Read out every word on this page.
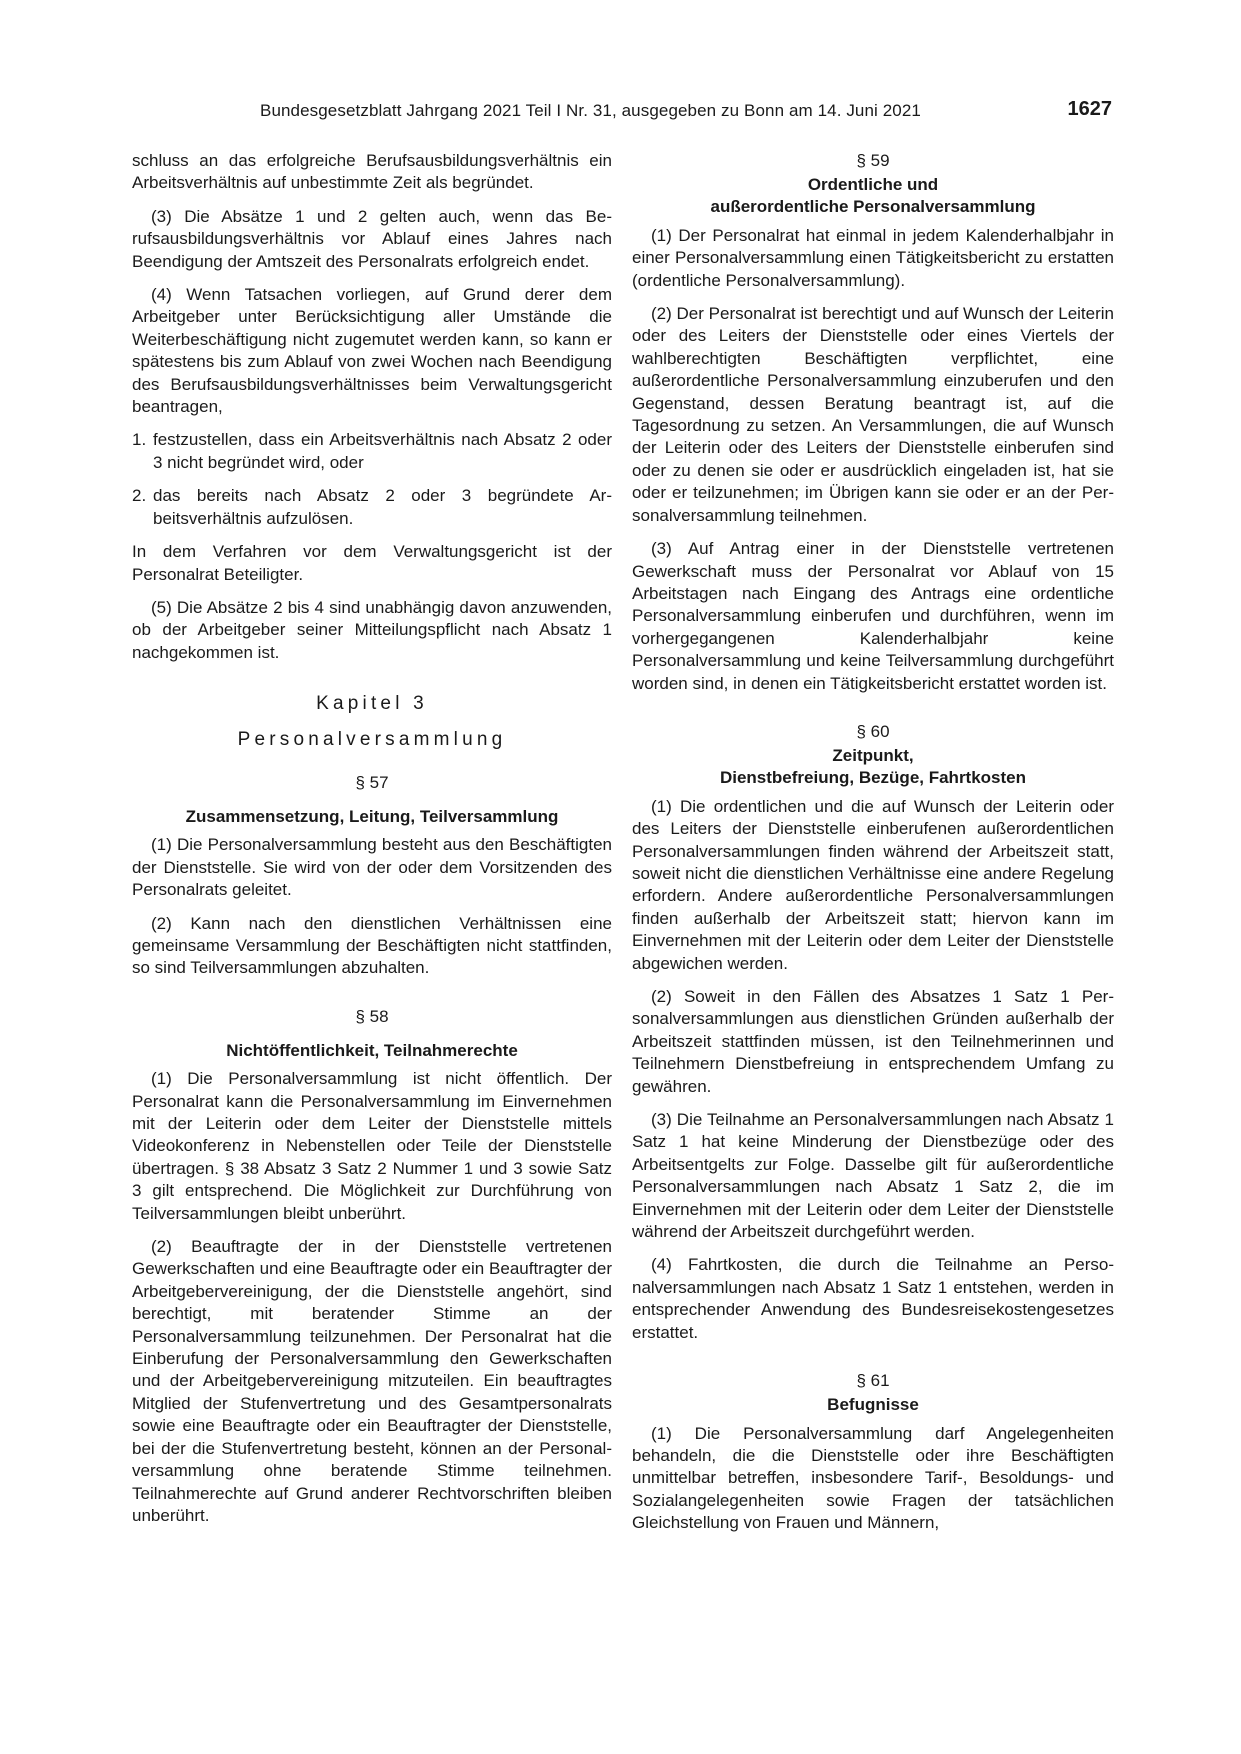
Bundesgesetzblatt Jahrgang 2021 Teil I Nr. 31, ausgegeben zu Bonn am 14. Juni 2021	1627

schluss an das erfolgreiche Berufsausbildungsverhältnis ein Arbeitsverhältnis auf unbestimmte Zeit als begründet.

(3) Die Absätze 1 und 2 gelten auch, wenn das Berufsausbildungsverhältnis vor Ablauf eines Jahres nach Beendigung der Amtszeit des Personalrats erfolgreich endet.

(4) Wenn Tatsachen vorliegen, auf Grund derer dem Arbeitgeber unter Berücksichtigung aller Umstände die Weiterbeschäftigung nicht zugemutet werden kann, so kann er spätestens bis zum Ablauf von zwei Wochen nach Beendigung des Berufsausbildungsverhältnisses beim Verwaltungsgericht beantragen,

1. festzustellen, dass ein Arbeitsverhältnis nach Absatz 2 oder 3 nicht begründet wird, oder
2. das bereits nach Absatz 2 oder 3 begründete Arbeitsverhältnis aufzulösen.

In dem Verfahren vor dem Verwaltungsgericht ist der Personalrat Beteiligter.

(5) Die Absätze 2 bis 4 sind unabhängig davon anzuwenden, ob der Arbeitgeber seiner Mitteilungspflicht nach Absatz 1 nachgekommen ist.

Kapitel 3

Personalversammlung

§ 57

Zusammensetzung, Leitung, Teilversammlung

(1) Die Personalversammlung besteht aus den Beschäftigten der Dienststelle. Sie wird von der oder dem Vorsitzenden des Personalrats geleitet.

(2) Kann nach den dienstlichen Verhältnissen eine gemeinsame Versammlung der Beschäftigten nicht stattfinden, so sind Teilversammlungen abzuhalten.

§ 58

Nichtöffentlichkeit, Teilnahmerechte

(1) Die Personalversammlung ist nicht öffentlich. Der Personalrat kann die Personalversammlung im Einvernehmen mit der Leiterin oder dem Leiter der Dienststelle mittels Videokonferenz in Nebenstellen oder Teile der Dienststelle übertragen. § 38 Absatz 3 Satz 2 Nummer 1 und 3 sowie Satz 3 gilt entsprechend. Die Möglichkeit zur Durchführung von Teilversammlungen bleibt unberührt.

(2) Beauftragte der in der Dienststelle vertretenen Gewerkschaften und eine Beauftragte oder ein Beauftragter der Arbeitgebervereinigung, der die Dienststelle angehört, sind berechtigt, mit beratender Stimme an der Personalversammlung teilzunehmen. Der Personalrat hat die Einberufung der Personalversammlung den Gewerkschaften und der Arbeitgebervereinigung mitzuteilen. Ein beauftragtes Mitglied der Stufenvertretung und des Gesamtpersonalrats sowie eine Beauftragte oder ein Beauftragter der Dienststelle, bei der die Stufenvertretung besteht, können an der Personalversammlung ohne beratende Stimme teilnehmen. Teilnahmerechte auf Grund anderer Rechtvorschriften bleiben unberührt.

§ 59

Ordentliche und

außerordentliche Personalversammlung

(1) Der Personalrat hat einmal in jedem Kalenderhalbjahr in einer Personalversammlung einen Tätigkeitsbericht zu erstatten (ordentliche Personalversammlung).

(2) Der Personalrat ist berechtigt und auf Wunsch der Leiterin oder des Leiters der Dienststelle oder eines Viertels der wahlberechtigten Beschäftigten verpflichtet, eine außerordentliche Personalversammlung einzuberufen und den Gegenstand, dessen Beratung beantragt ist, auf die Tagesordnung zu setzen. An Versammlungen, die auf Wunsch der Leiterin oder des Leiters der Dienststelle einberufen sind oder zu denen sie oder er ausdrücklich eingeladen ist, hat sie oder er teilzunehmen; im Übrigen kann sie oder er an der Personalversammlung teilnehmen.

(3) Auf Antrag einer in der Dienststelle vertretenen Gewerkschaft muss der Personalrat vor Ablauf von 15 Arbeitstagen nach Eingang des Antrags eine ordentliche Personalversammlung einberufen und durchführen, wenn im vorhergegangenen Kalenderhalbjahr keine Personalversammlung und keine Teilversammlung durchgeführt worden sind, in denen ein Tätigkeitsbericht erstattet worden ist.

§ 60

Zeitpunkt,

Dienstbefreiung, Bezüge, Fahrtkosten

(1) Die ordentlichen und die auf Wunsch der Leiterin oder des Leiters der Dienststelle einberufenen außerordentlichen Personalversammlungen finden während der Arbeitszeit statt, soweit nicht die dienstlichen Verhältnisse eine andere Regelung erfordern. Andere außerordentliche Personalversammlungen finden außerhalb der Arbeitszeit statt; hiervon kann im Einvernehmen mit der Leiterin oder dem Leiter der Dienststelle abgewichen werden.

(2) Soweit in den Fällen des Absatzes 1 Satz 1 Personalversammlungen aus dienstlichen Gründen außerhalb der Arbeitszeit stattfinden müssen, ist den Teilnehmerinnen und Teilnehmern Dienstbefreiung in entsprechendem Umfang zu gewähren.

(3) Die Teilnahme an Personalversammlungen nach Absatz 1 Satz 1 hat keine Minderung der Dienstbezüge oder des Arbeitsentgelts zur Folge. Dasselbe gilt für außerordentliche Personalversammlungen nach Absatz 1 Satz 2, die im Einvernehmen mit der Leiterin oder dem Leiter der Dienststelle während der Arbeitszeit durchgeführt werden.

(4) Fahrtkosten, die durch die Teilnahme an Personalversammlungen nach Absatz 1 Satz 1 entstehen, werden in entsprechender Anwendung des Bundesreisekostengesetzes erstattet.

§ 61

Befugnisse

(1) Die Personalversammlung darf Angelegenheiten behandeln, die die Dienststelle oder ihre Beschäftigten unmittelbar betreffen, insbesondere Tarif-, Besoldungs- und Sozialangelegenheiten sowie Fragen der tatsächlichen Gleichstellung von Frauen und Männern,
